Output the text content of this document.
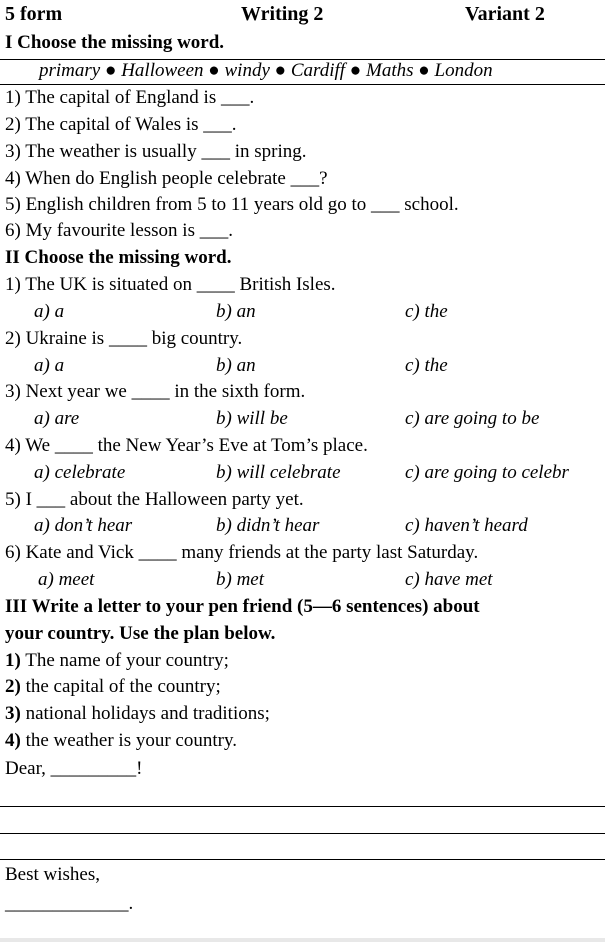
5 form	Writing 2	Variant 2
I Choose the missing word.
primary ● Halloween ● windy ● Cardiff ● Maths ● London
1) The capital of England is ___.
2) The capital of Wales is ___.
3) The weather is usually ___ in spring.
4) When do English people celebrate ___?
5) English children from 5 to 11 years old go to ___ school.
6) My favourite lesson is ___.
II Choose the missing word.
1) The UK is situated on ____ British Isles.
a) a	b) an	c) the
2) Ukraine is ____ big country.
a) a	b) an	c) the
3) Next year we ____ in the sixth form.
a) are	b) will be	c) are going to be
4) We ____ the New Year’s Eve at Tom’s place.
a) celebrate	b) will celebrate	c) are going to celebr
5) I ___ about the Halloween party yet.
a) don’t hear	b) didn’t hear	c) haven’t heard
6) Kate and Vick ____ many friends at the party last Saturday.
a) meet	b) met	c) have met
III Write a letter to your pen friend (5—6 sentences) about
your country. Use the plan below.
1) The name of your country;
2) the capital of the country;
3) national holidays and traditions;
4) the weather is your country.
Dear, _________!
Best wishes,
_____________.
